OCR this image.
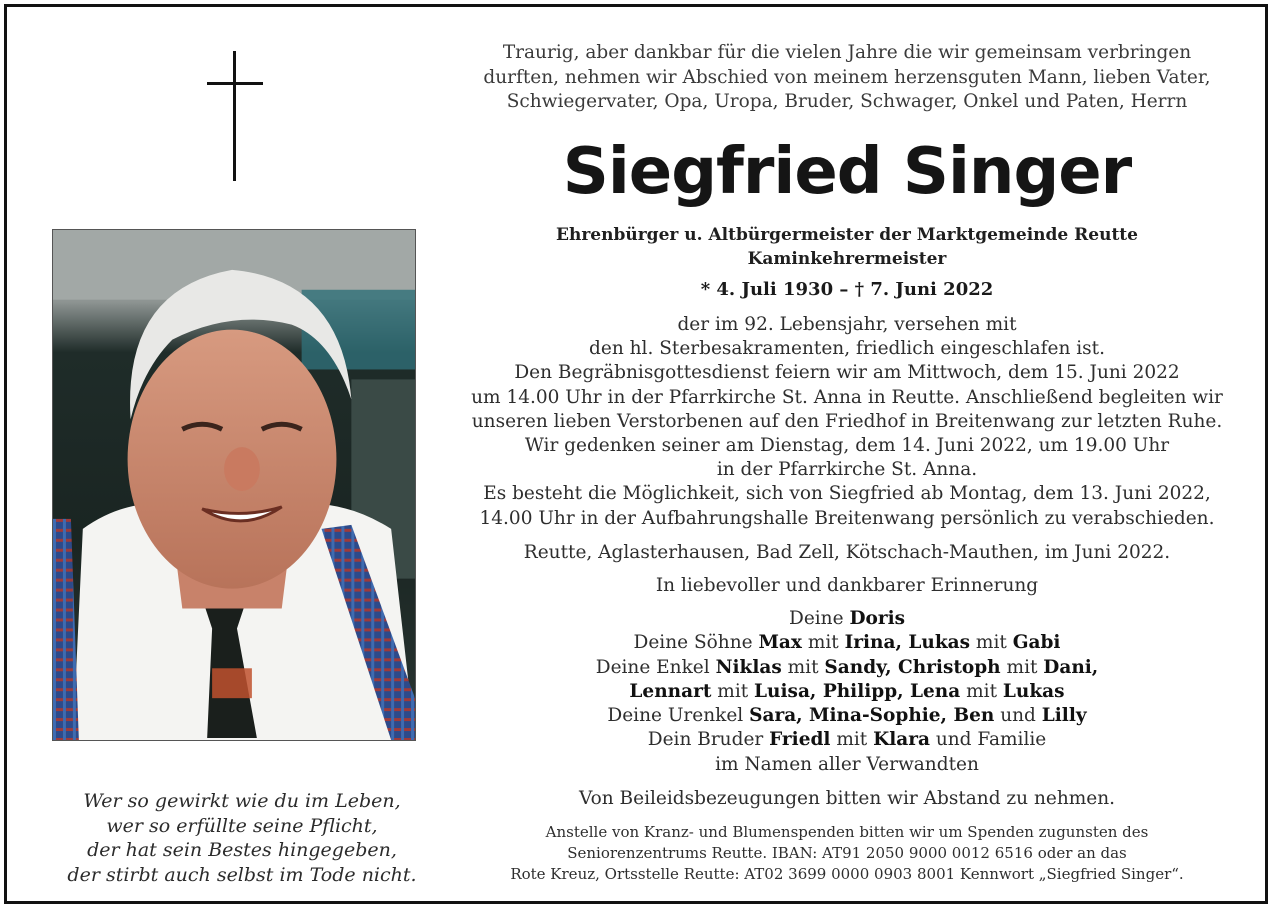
Wer so gewirkt wie du im Leben,
wer so erfüllte seine Pflicht,
der hat sein Bestes hingegeben,
der stirbt auch selbst im Tode nicht.
Traurig, aber dankbar für die vielen Jahre die wir gemeinsam verbringen
durften, nehmen wir Abschied von meinem herzensguten Mann, lieben Vater,
Schwiegervater, Opa, Uropa, Bruder, Schwager, Onkel und Paten, Herrn
Siegfried Singer
Ehrenbürger u. Altbürgermeister der Marktgemeinde Reutte
Kaminkehrermeister
* 4. Juli 1930 – † 7. Juni 2022
der im 92. Lebensjahr, versehen mit
den hl. Sterbesakramenten, friedlich eingeschlafen ist.
Den Begräbnisgottesdienst feiern wir am Mittwoch, dem 15. Juni 2022
um 14.00 Uhr in der Pfarrkirche St. Anna in Reutte. Anschließend begleiten wir
unseren lieben Verstorbenen auf den Friedhof in Breitenwang zur letzten Ruhe.
Wir gedenken seiner am Dienstag, dem 14. Juni 2022, um 19.00 Uhr
in der Pfarrkirche St. Anna.
Es besteht die Möglichkeit, sich von Siegfried ab Montag, dem 13. Juni 2022,
14.00 Uhr in der Aufbahrungshalle Breitenwang persönlich zu verabschieden.
Reutte, Aglasterhausen, Bad Zell, Kötschach-Mauthen, im Juni 2022.
In liebevoller und dankbarer Erinnerung
Deine Doris
Deine Söhne Max mit Irina, Lukas mit Gabi
Deine Enkel Niklas mit Sandy, Christoph mit Dani,
Lennart mit Luisa, Philipp, Lena mit Lukas
Deine Urenkel Sara, Mina-Sophie, Ben und Lilly
Dein Bruder Friedl mit Klara und Familie
im Namen aller Verwandten
Von Beileidsbezeugungen bitten wir Abstand zu nehmen.
Anstelle von Kranz- und Blumenspenden bitten wir um Spenden zugunsten des
Seniorenzentrums Reutte. IBAN: AT91 2050 9000 0012 6516 oder an das
Rote Kreuz, Ortsstelle Reutte: AT02 3699 0000 0903 8001 Kennwort „Siegfried Singer“.
